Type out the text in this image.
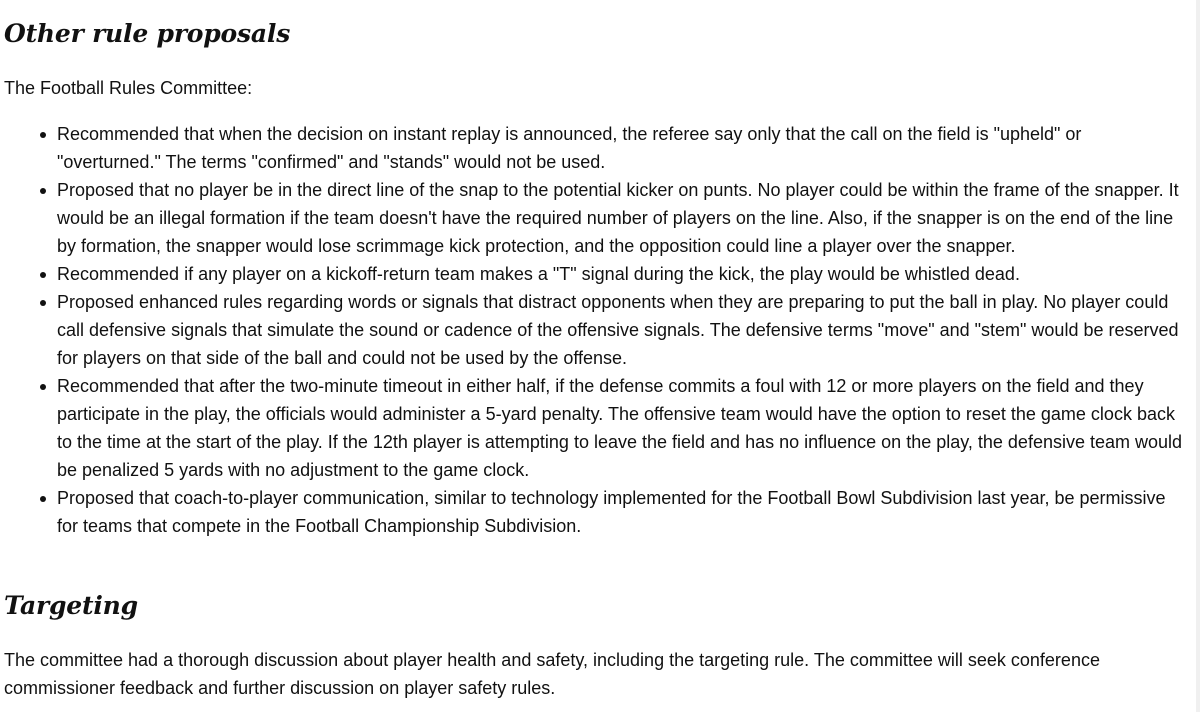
Other rule proposals

The Football Rules Committee:

Recommended that when the decision on instant replay is announced, the referee say only that the call on the field is "upheld" or "overturned." The terms "confirmed" and "stands" would not be used.
Proposed that no player be in the direct line of the snap to the potential kicker on punts. No player could be within the frame of the snapper. It would be an illegal formation if the team doesn't have the required number of players on the line. Also, if the snapper is on the end of the line by formation, the snapper would lose scrimmage kick protection, and the opposition could line a player over the snapper.
Recommended if any player on a kickoff-return team makes a "T" signal during the kick, the play would be whistled dead.
Proposed enhanced rules regarding words or signals that distract opponents when they are preparing to put the ball in play. No player could call defensive signals that simulate the sound or cadence of the offensive signals. The defensive terms "move" and "stem" would be reserved for players on that side of the ball and could not be used by the offense.
Recommended that after the two-minute timeout in either half, if the defense commits a foul with 12 or more players on the field and they participate in the play, the officials would administer a 5-yard penalty. The offensive team would have the option to reset the game clock back to the time at the start of the play. If the 12th player is attempting to leave the field and has no influence on the play, the defensive team would be penalized 5 yards with no adjustment to the game clock.
Proposed that coach-to-player communication, similar to technology implemented for the Football Bowl Subdivision last year, be permissive for teams that compete in the Football Championship Subdivision.
Targeting

The committee had a thorough discussion about player health and safety, including the targeting rule. The committee will seek conference commissioner feedback and further discussion on player safety rules.
